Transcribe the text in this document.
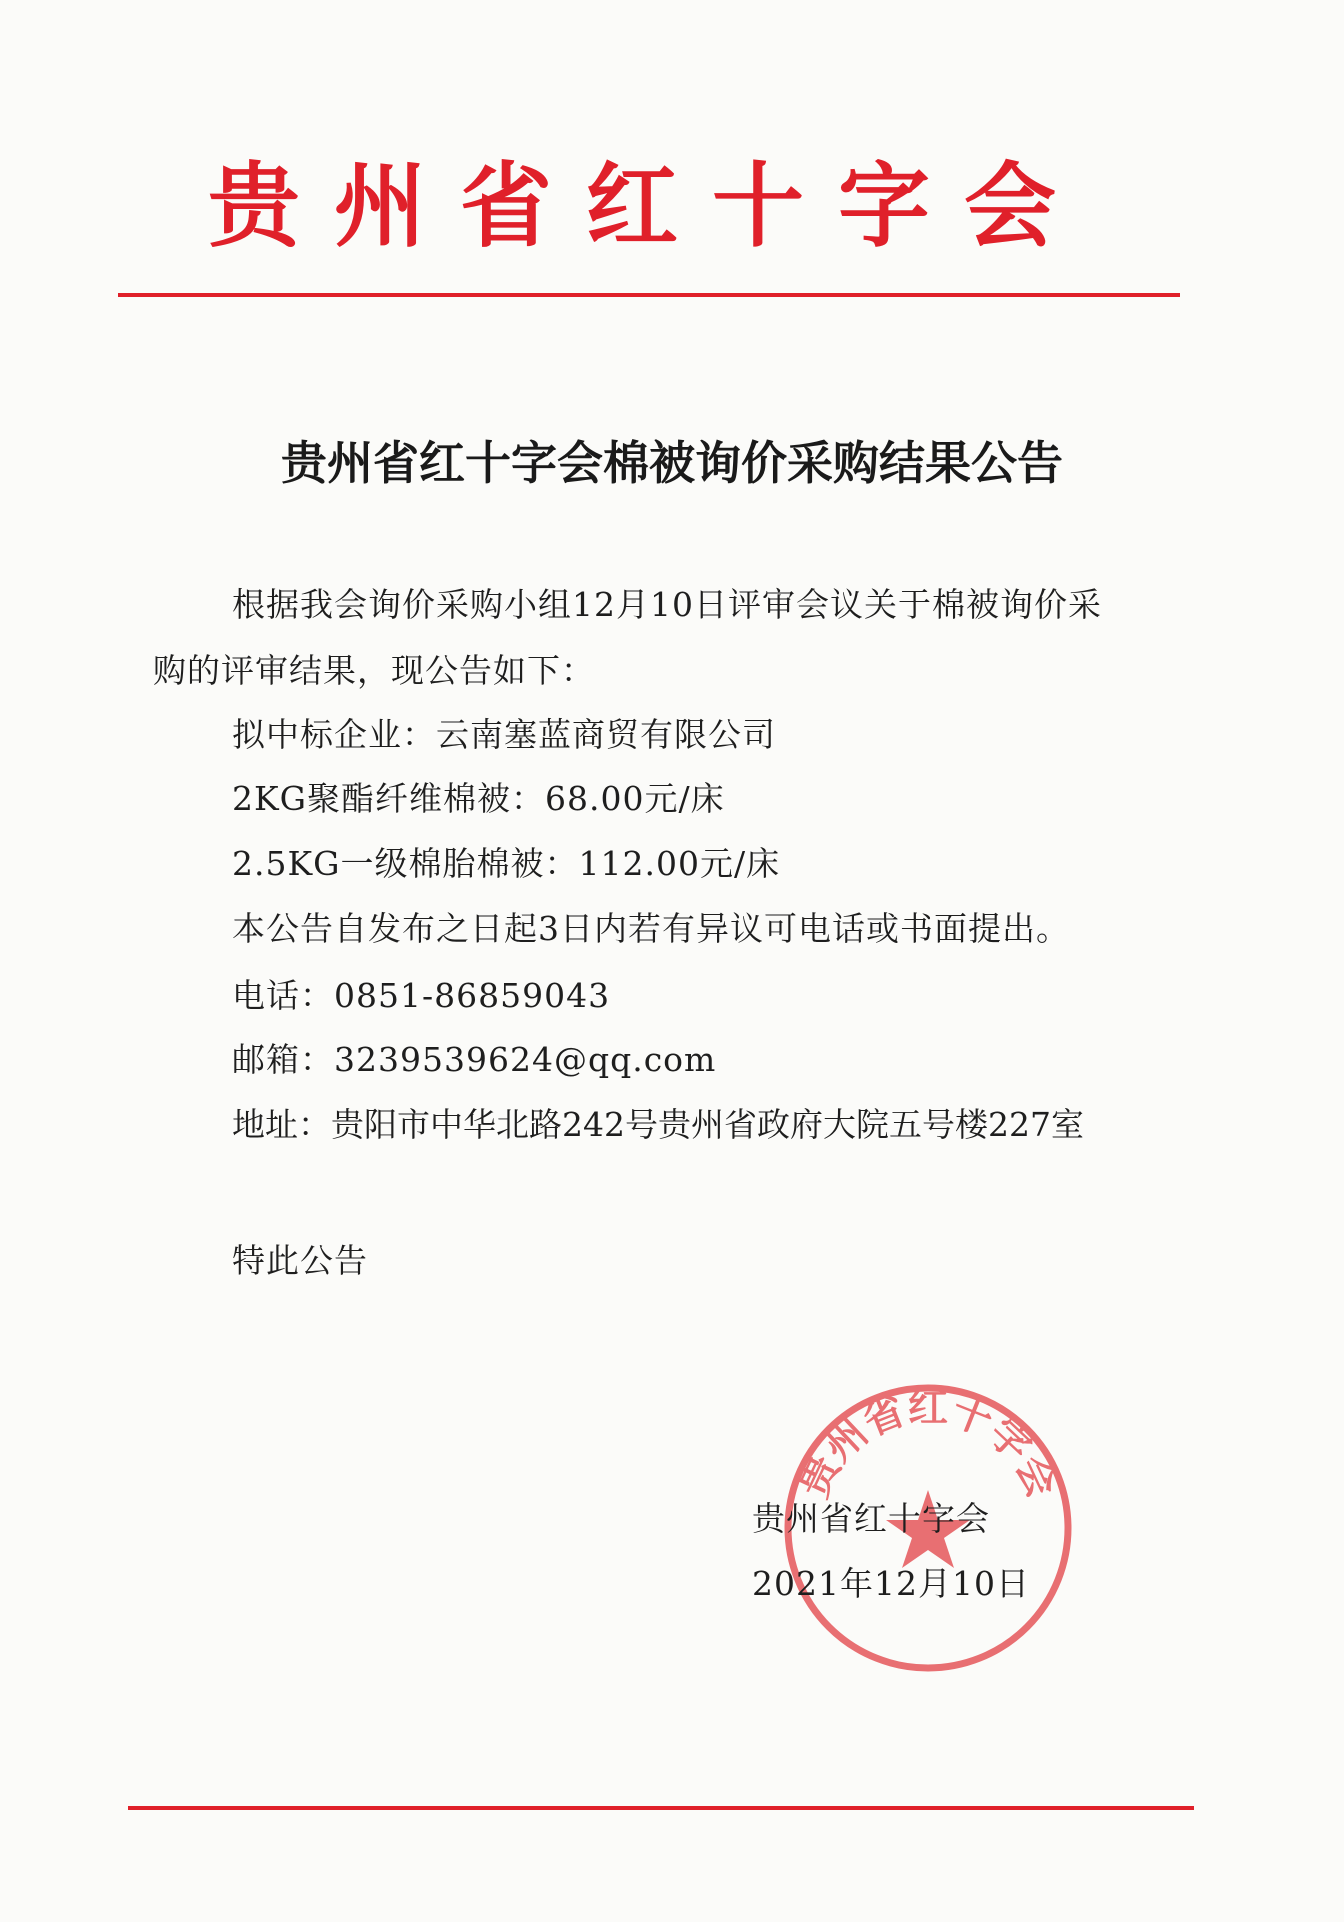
贵州省红十字会
贵州省红十字会棉被询价采购结果公告
根据我会询价采购小组12月10日评审会议关于棉被询价采
购的评审结果，现公告如下：
拟中标企业：云南塞蓝商贸有限公司
2KG聚酯纤维棉被：68.00元/床
2.5KG一级棉胎棉被：112.00元/床
本公告自发布之日起3日内若有异议可电话或书面提出。
电话：0851-86859043
邮箱：3239539624@qq.com
地址：贵阳市中华北路242号贵州省政府大院五号楼227室
特此公告
贵州省红十字会
贵州省红十字会
2021年12月10日
